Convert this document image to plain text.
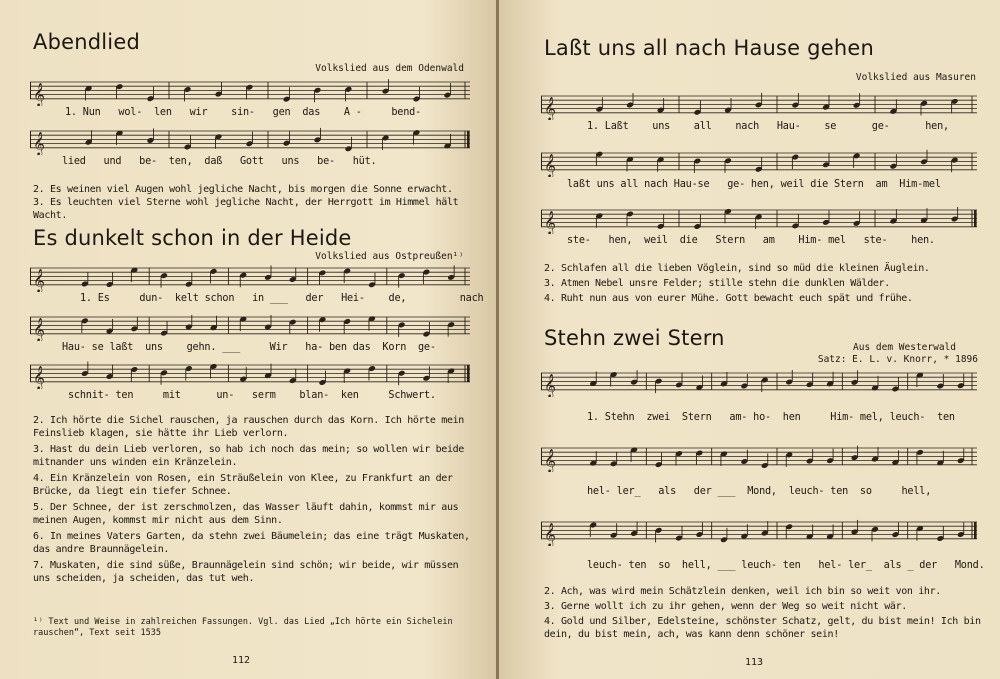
Abendlied
Volkslied aus dem Odenwald
𝄞
1. Nun   wol-  len   wir    sin-   gen  das    A -     bend-
𝄞
lied   und   be-  ten,  daß   Gott   uns   be-   hüt.
2. Es weinen viel Augen wohl jegliche Nacht, bis morgen die Sonne erwacht.
3. Es leuchten viel Sterne wohl jegliche Nacht, der Herrgott im Himmel hält Wacht.
Es dunkelt schon in der Heide
Volkslied aus Ostpreußen¹⁾
𝄞
1. Es     dun-  kelt schon   in ___   der   Hei-    de,         nach
𝄞
Hau- se laßt  uns    gehn. ___     Wir   ha- ben das  Korn  ge-
𝄞
schnit- ten     mit      un-   serm    blan-  ken     Schwert.
2. Ich hörte die Sichel rauschen, ja rauschen durch das Korn. Ich hörte mein Feinslieb klagen, sie hätte ihr Lieb verlorn.
3. Hast du dein Lieb verloren, so hab ich noch das mein; so wollen wir beide mitnander uns winden ein Kränzelein.
4. Ein Kränzelein von Rosen, ein Sträußelein von Klee, zu Frankfurt an der Brücke, da liegt ein tiefer Schnee.
5. Der Schnee, der ist zerschmolzen, das Wasser läuft dahin, kommst mir aus meinen Augen, kommst mir nicht aus dem Sinn.
6. In meines Vaters Garten, da stehn zwei Bäumelein; das eine trägt Muskaten, das andre Braunnägelein.
7. Muskaten, die sind süße, Braunnägelein sind schön; wir beide, wir müssen uns scheiden, ja scheiden, das tut weh.
¹⁾ Text und Weise in zahlreichen Fassungen. Vgl. das Lied „Ich hörte ein Sichelein rauschen“, Text seit 1535
112
Laßt uns all nach Hause gehen
Volkslied aus Masuren
𝄞
1. Laßt    uns    all    nach   Hau-    se      ge-      hen,
𝄞
laßt uns all nach Hau-se   ge- hen, weil die Stern  am  Him-mel
𝄞
ste-   hen,  weil  die   Stern   am    Him- mel   ste-    hen.
2. Schlafen all die lieben Vöglein, sind so müd die kleinen Äuglein.
3. Atmen Nebel unsre Felder; stille stehn die dunklen Wälder.
4. Ruht nun aus von eurer Mühe. Gott bewacht euch spät und frühe.
Stehn zwei Stern	Aus dem Westerwald
Satz: E. L. v. Knorr, * 1896
𝄞
1. Stehn  zwei  Stern   am- ho-  hen     Him- mel, leuch-  ten
𝄞
hel- ler_   als   der ___  Mond,  leuch- ten  so     hell,
𝄞
leuch- ten  so  hell, ___ leuch- ten   hel- ler_  als _ der   Mond.
2. Ach, was wird mein Schätzlein denken, weil ich bin so weit von ihr.
3. Gerne wollt ich zu ihr gehen, wenn der Weg so weit nicht wär.
4. Gold und Silber, Edelsteine, schönster Schatz, gelt, du bist mein! Ich bin dein, du bist mein, ach, was kann denn schöner sein!
113
